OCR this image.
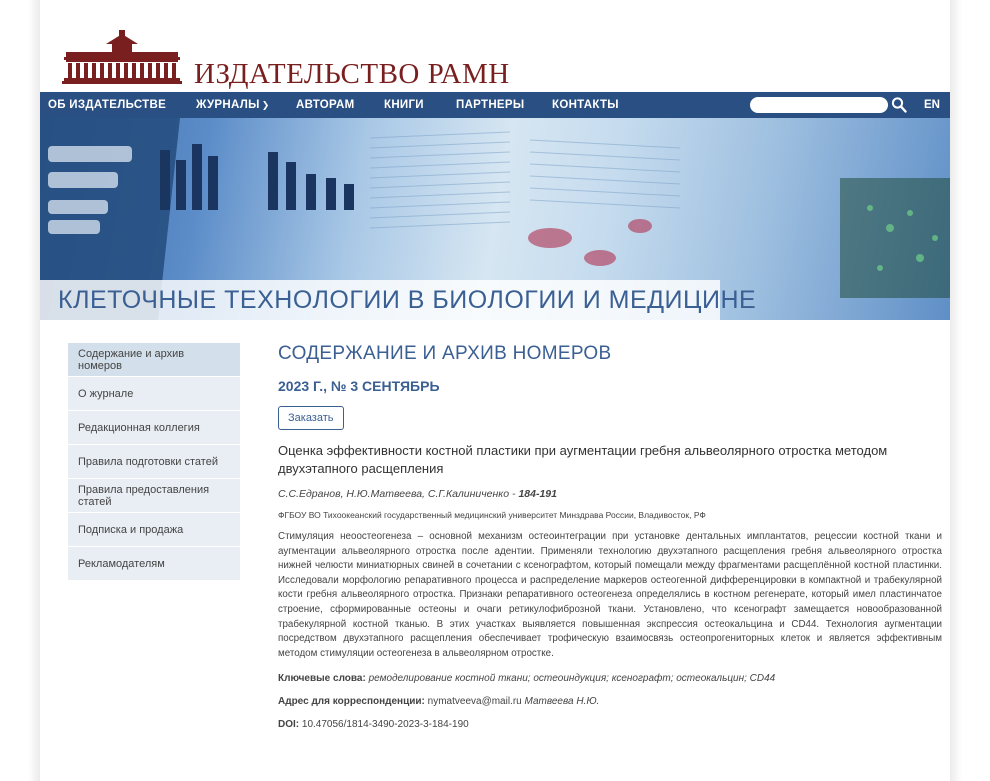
ИЗДАТЕЛЬСТВО РАМН
ОБ ИЗДАТЕЛЬСТВЕ	ЖУРНАЛЫ ❯ АВТОРАМ	КНИГИ	ПАРТНЕРЫ КОНТАКТЫ	EN
КЛЕТОЧНЫЕ ТЕХНОЛОГИИ В БИОЛОГИИ И МЕДИЦИНЕ
Содержание и архив номеров
О журнале
Редакционная коллегия
Правила подготовки статей
Правила предоставления статей
Подписка и продажа
Рекламодателям
СОДЕРЖАНИЕ И АРХИВ НОМЕРОВ
2023 Г., № 3 СЕНТЯБРЬ
Заказать
Оценка эффективности костной пластики при аугментации гребня альвеолярного отростка методом двухэтапного расщепления
С.С.Едранов, Н.Ю.Матвеева, С.Г.Калиниченко - 184-191
ФГБОУ ВО Тихоокеанский государственный медицинский университет Минздрава России, Владивосток, РФ
Стимуляция неоостеогенеза – основной механизм остеоинтеграции при установке дентальных имплантатов, рецессии костной ткани и аугментации альвеолярного отростка после адентии. Применяли технологию двухэтапного расщепления гребня альвеолярного отростка нижней челюсти миниатюрных свиней в сочетании с ксенографтом, который помещали между фрагментами расщеплённой костной пластинки. Исследовали морфологию репаративного процесса и распределение маркеров остеогенной дифференцировки в компактной и трабекулярной кости гребня альвеолярного отростка. Признаки репаративного остеогенеза определялись в костном регенерате, который имел пластинчатое строение, сформированные остеоны и очаги ретикулофиброзной ткани. Установлено, что ксенографт замещается новообразованной трабекулярной костной тканью. В этих участках выявляется повышенная экспрессия остеокальцина и CD44. Технология аугментации посредством двухэтапного расщепления обеспечивает трофическую взаимосвязь остеопрогениторных клеток и является эффективным методом стимуляции остеогенеза в альвеолярном отростке.
Ключевые слова: ремоделирование костной ткани; остеоиндукция; ксенографт; остеокальцин; CD44
Адрес для корреспонденции: nymatveeva@mail.ru Матвеева Н.Ю.
DOI: 10.47056/1814-3490-2023-3-184-190
